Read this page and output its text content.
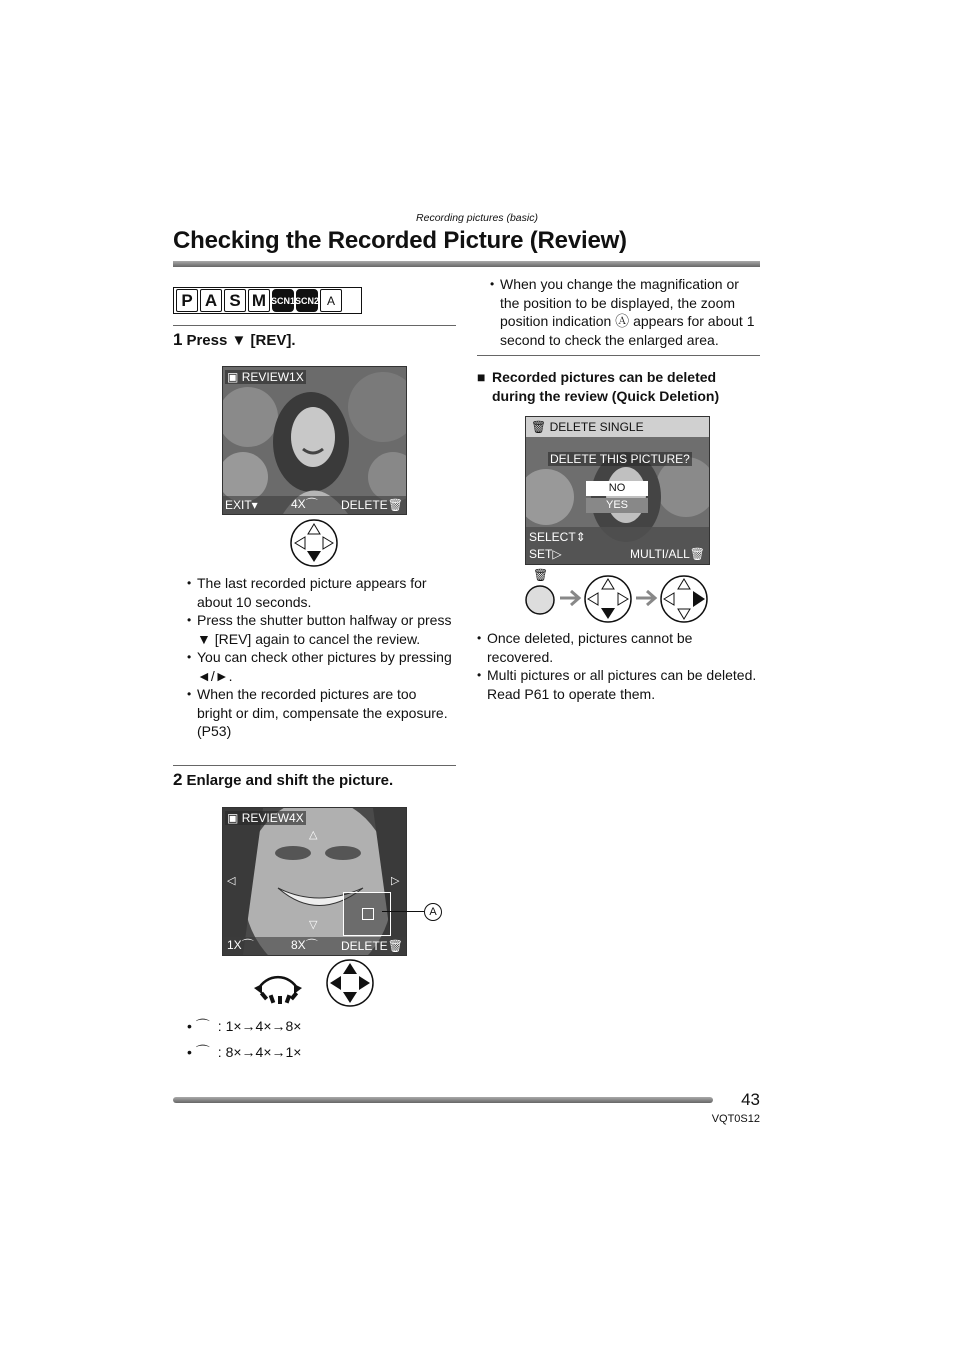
Recording pictures (basic)
Checking the Recorded Picture (Review)
P A S M SCN1 SCN2 A
1 Press ▼ [REV].
▣ REVIEW1X
EXIT▾	4X⌒ DELETE🗑
• The last recorded picture appears for about 10 seconds.
• Press the shutter button halfway or press ▼ [REV] again to cancel the review.
• You can check other pictures by pressing ◄/►.
• When the recorded pictures are too bright or dim, compensate the exposure. (P53)
2 Enlarge and shift the picture.
▣ REVIEW4X
△
◁	▷
▽
1X⌒	8X⌒ DELETE🗑
A
• ⌒ : 1×→4×→8×
• ⌒ : 8×→4×→1×
• When you change the magnification or the position to be displayed, the zoom position indication Ⓐ appears for about 1 second to check the enlarged area.
■ Recorded pictures can be deleted during the review (Quick Deletion)
🗑 DELETE SINGLE
DELETE THIS PICTURE?
NO
YES
SELECT⇕
SET▷	MULTI/ALL🗑
🗑
• Once deleted, pictures cannot be recovered.
• Multi pictures or all pictures can be deleted. Read P61 to operate them.
43
VQT0S12
